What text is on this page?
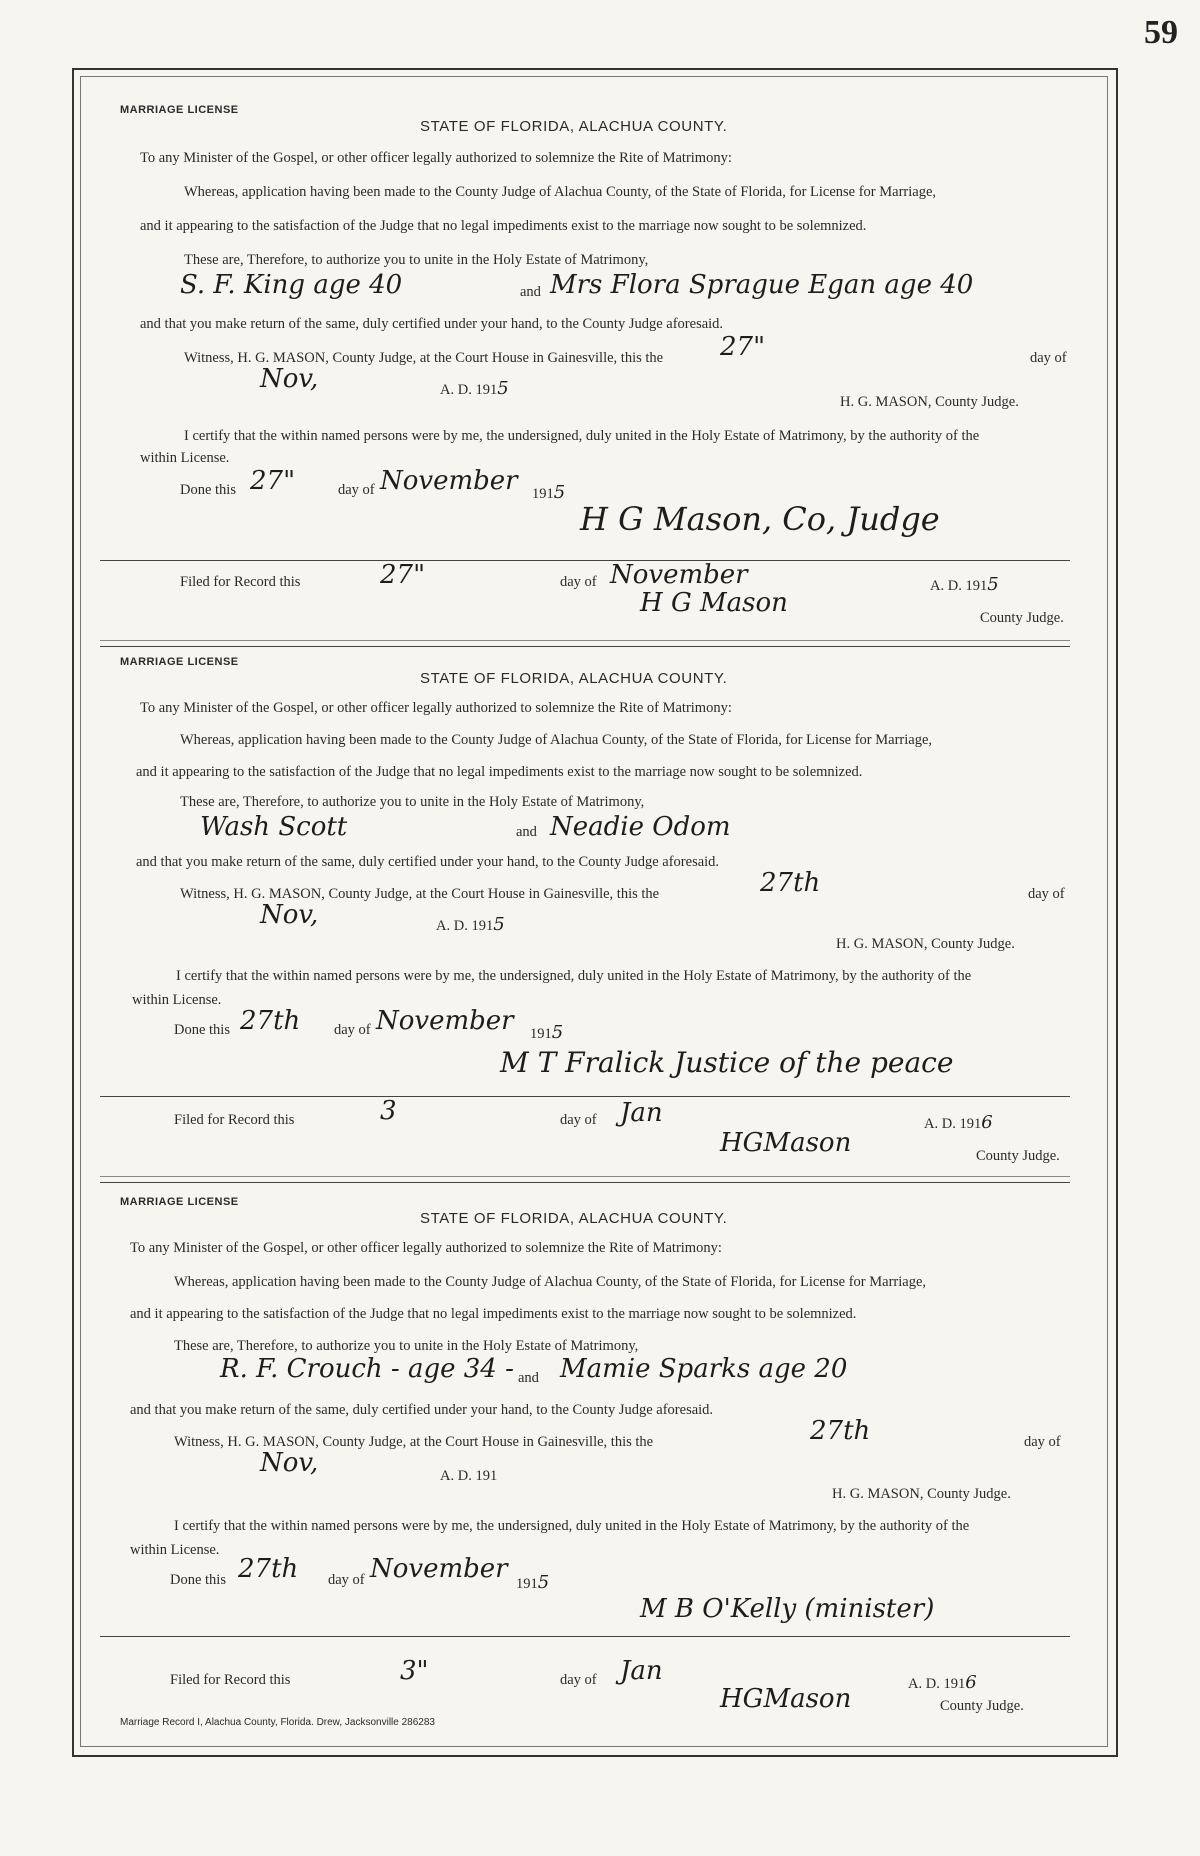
59
MARRIAGE LICENSE
STATE OF FLORIDA, ALACHUA COUNTY.
To any Minister of the Gospel, or other officer legally authorized to solemnize the Rite of Matrimony:
Whereas, application having been made to the County Judge of Alachua County, of the State of Florida, for License for Marriage,
and it appearing to the satisfaction of the Judge that no legal impediments exist to the marriage now sought to be solemnized.
These are, Therefore, to authorize you to unite in the Holy Estate of Matrimony,
S. F. King age 40	and Mrs Flora Sprague Egan age 40
and that you make return of the same, duly certified under your hand, to the County Judge aforesaid.
Witness, H. G. MASON, County Judge, at the Court House in Gainesville, this the 27"	day of
Nov,	A. D. 1915
H. G. MASON, County Judge.
I certify that the within named persons were by me, the undersigned, duly united in the Holy Estate of Matrimony, by the authority of the
within License.
Done this 27"	day of November 1915
H G Mason, Co, Judge
Filed for Record this	27"	day of November	A. D. 1915
H G Mason	County Judge.
MARRIAGE LICENSE
STATE OF FLORIDA, ALACHUA COUNTY.
To any Minister of the Gospel, or other officer legally authorized to solemnize the Rite of Matrimony:
Whereas, application having been made to the County Judge of Alachua County, of the State of Florida, for License for Marriage,
and it appearing to the satisfaction of the Judge that no legal impediments exist to the marriage now sought to be solemnized.
These are, Therefore, to authorize you to unite in the Holy Estate of Matrimony,
Wash Scott	and Neadie Odom
and that you make return of the same, duly certified under your hand, to the County Judge aforesaid.
Witness, H. G. MASON, County Judge, at the Court House in Gainesville, this the	27th	day of
Nov,	A. D. 1915
H. G. MASON, County Judge.
I certify that the within named persons were by me, the undersigned, duly united in the Holy Estate of Matrimony, by the authority of the
within License.
Done this 27th day of November 1915
M T Fralick Justice of the peace
Filed for Record this	3	day of Jan	A. D. 1916
HGMason	County Judge.
MARRIAGE LICENSE
STATE OF FLORIDA, ALACHUA COUNTY.
To any Minister of the Gospel, or other officer legally authorized to solemnize the Rite of Matrimony:
Whereas, application having been made to the County Judge of Alachua County, of the State of Florida, for License for Marriage,
and it appearing to the satisfaction of the Judge that no legal impediments exist to the marriage now sought to be solemnized.
These are, Therefore, to authorize you to unite in the Holy Estate of Matrimony,
R. F. Crouch - age 34 - and Mamie Sparks age 20
and that you make return of the same, duly certified under your hand, to the County Judge aforesaid.
Witness, H. G. MASON, County Judge, at the Court House in Gainesville, this the	27th	day of
Nov,	A. D. 191
H. G. MASON, County Judge.
I certify that the within named persons were by me, the undersigned, duly united in the Holy Estate of Matrimony, by the authority of the
within License.
Done this 27th day of November 1915
M B O'Kelly (minister)
Filed for Record this	3"	day of Jan	A. D. 1916
HGMason	County Judge.
Marriage Record I, Alachua County, Florida. Drew, Jacksonville 286283
